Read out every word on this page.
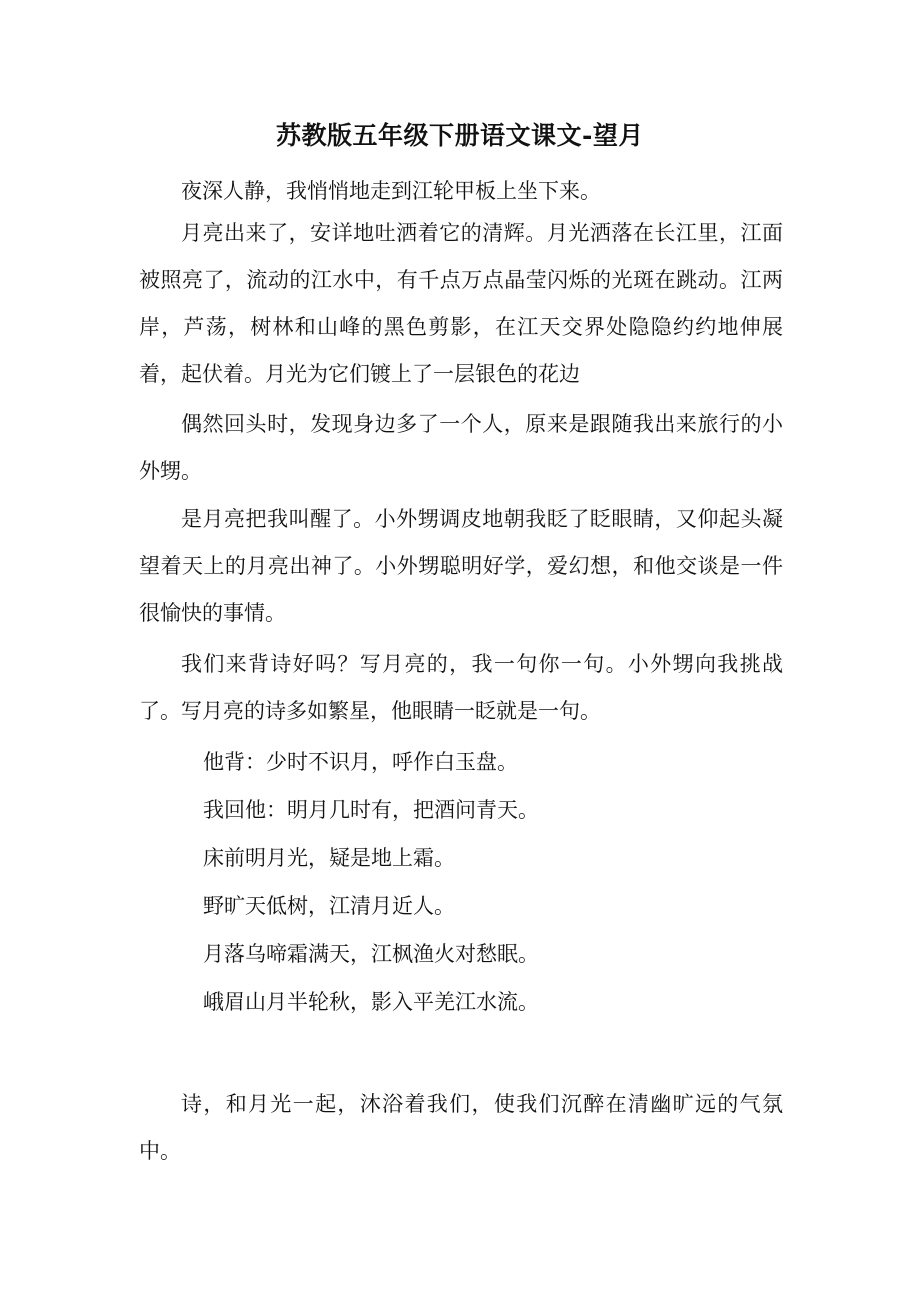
苏教版五年级下册语文课文-望月

夜深人静，我悄悄地走到江轮甲板上坐下来。

月亮出来了，安详地吐洒着它的清辉。月光洒落在长江里，江面被照亮了，流动的江水中，有千点万点晶莹闪烁的光斑在跳动。江两岸，芦荡，树林和山峰的黑色剪影，在江天交界处隐隐约约地伸展着，起伏着。月光为它们镀上了一层银色的花边

偶然回头时，发现身边多了一个人，原来是跟随我出来旅行的小外甥。

是月亮把我叫醒了。小外甥调皮地朝我眨了眨眼睛，又仰起头凝望着天上的月亮出神了。小外甥聪明好学，爱幻想，和他交谈是一件很愉快的事情。

我们来背诗好吗？写月亮的，我一句你一句。小外甥向我挑战了。写月亮的诗多如繁星，他眼睛一眨就是一句。

他背：少时不识月，呼作白玉盘。
我回他：明月几时有，把酒问青天。
床前明月光，疑是地上霜。
野旷天低树，江清月近人。
月落乌啼霜满天，江枫渔火对愁眠。
峨眉山月半轮秋，影入平羌江水流。

诗，和月光一起，沐浴着我们，使我们沉醉在清幽旷远的气氛中。
